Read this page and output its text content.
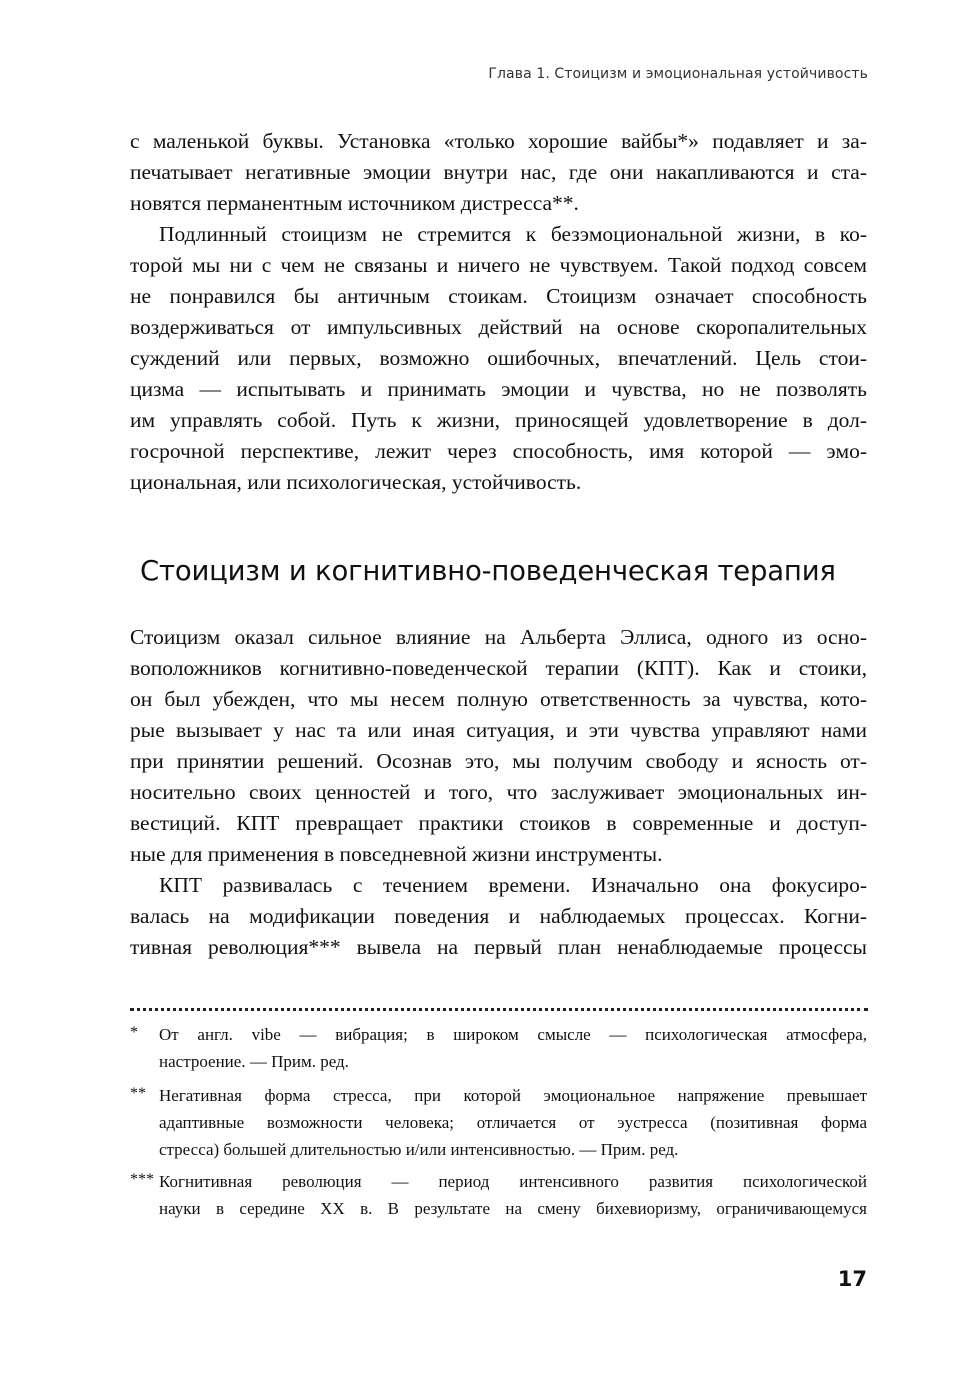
Глава 1. Стоицизм и эмоциональная устойчивость
с маленькой буквы. Установка «только хорошие вайбы*» подавляет и за-
печатывает негативные эмоции внутри нас, где они накапливаются и ста-
новятся перманентным источником дистресса**.
Подлинный стоицизм не стремится к безэмоциональной жизни, в ко-
торой мы ни с чем не связаны и ничего не чувствуем. Такой подход совсем
не понравился бы античным стоикам. Стоицизм означает способность
воздерживаться от импульсивных действий на основе скоропалительных
суждений или первых, возможно ошибочных, впечатлений. Цель стои-
цизма — испытывать и принимать эмоции и чувства, но не позволять
им управлять собой. Путь к жизни, приносящей удовлетворение в дол-
госрочной перспективе, лежит через способность, имя которой — эмо-
циональная, или психологическая, устойчивость.
Стоицизм и когнитивно-поведенческая терапия
Стоицизм оказал сильное влияние на Альберта Эллиса, одного из осно-
воположников когнитивно-поведенческой терапии (КПТ). Как и стоики,
он был убежден, что мы несем полную ответственность за чувства, кото-
рые вызывает у нас та или иная ситуация, и эти чувства управляют нами
при принятии решений. Осознав это, мы получим свободу и ясность от-
носительно своих ценностей и того, что заслуживает эмоциональных ин-
вестиций. КПТ превращает практики стоиков в современные и доступ-
ные для применения в повседневной жизни инструменты.
КПТ развивалась с течением времени. Изначально она фокусиро-
валась на модификации поведения и наблюдаемых процессах. Когни-
тивная революция*** вывела на первый план ненаблюдаемые процессы
* От англ. vibe — вибрация; в широком смысле — психологическая атмосфера,
настроение. — Прим. ред.
** Негативная форма стресса, при которой эмоциональное напряжение превышает
адаптивные возможности человека; отличается от эустресса (позитивная форма
стресса) большей длительностью и/или интенсивностью. — Прим. ред.
*** Когнитивная революция — период интенсивного развития психологической
науки в середине XX в. В результате на смену бихевиоризму, ограничивающемуся
17
